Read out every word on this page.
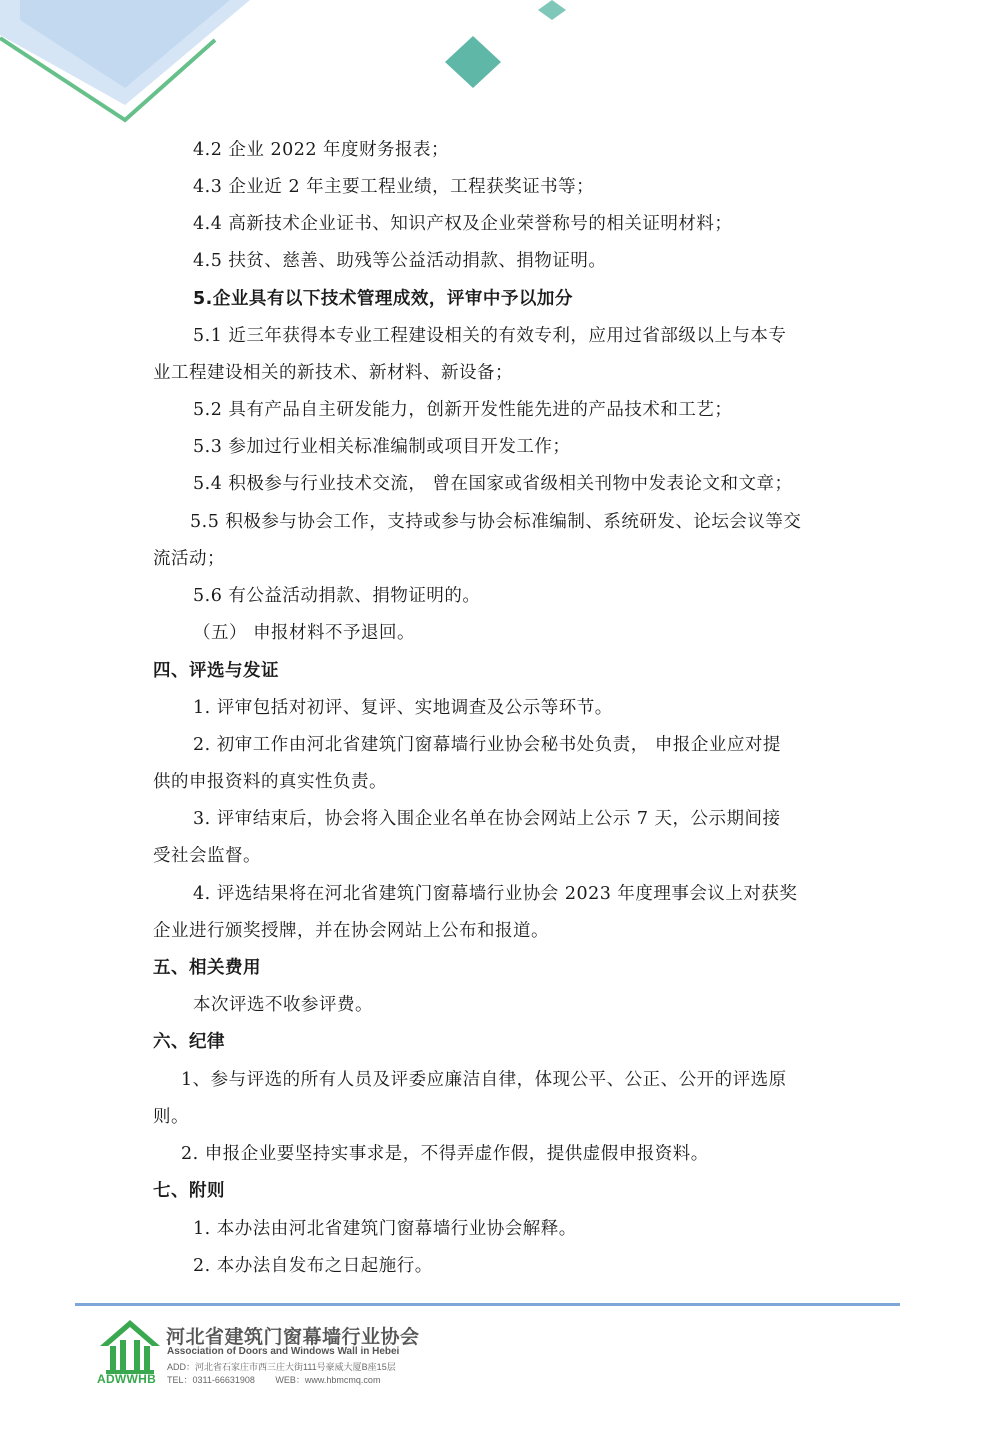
4.2 企业 2022 年度财务报表；
4.3 企业近 2 年主要工程业绩，工程获奖证书等；
4.4 高新技术企业证书、知识产权及企业荣誉称号的相关证明材料；
4.5 扶贫、慈善、助残等公益活动捐款、捐物证明。
5.企业具有以下技术管理成效，评审中予以加分
5.1 近三年获得本专业工程建设相关的有效专利，应用过省部级以上与本专
业工程建设相关的新技术、新材料、新设备；
5.2 具有产品自主研发能力，创新开发性能先进的产品技术和工艺；
5.3 参加过行业相关标准编制或项目开发工作；
5.4 积极参与行业技术交流， 曾在国家或省级相关刊物中发表论文和文章；
5.5 积极参与协会工作，支持或参与协会标准编制、系统研发、论坛会议等交
流活动；
5.6 有公益活动捐款、捐物证明的。
（五） 申报材料不予退回。
四、评选与发证
1. 评审包括对初评、复评、实地调查及公示等环节。
2. 初审工作由河北省建筑门窗幕墙行业协会秘书处负责， 申报企业应对提
供的申报资料的真实性负责。
3. 评审结束后，协会将入围企业名单在协会网站上公示 7 天，公示期间接
受社会监督。
4. 评选结果将在河北省建筑门窗幕墙行业协会 2023 年度理事会议上对获奖
企业进行颁奖授牌，并在协会网站上公布和报道。
五、相关费用
本次评选不收参评费。
六、纪律
1、参与评选的所有人员及评委应廉洁自律，体现公平、公正、公开的评选原
则。
2. 申报企业要坚持实事求是，不得弄虚作假，提供虚假申报资料。
七、附则
1. 本办法由河北省建筑门窗幕墙行业协会解释。
2. 本办法自发布之日起施行。
ADWWHB
河北省建筑门窗幕墙行业协会
Association of Doors and Windows Wall in Hebei
ADD：河北省石家庄市西三庄大街111号豪威大厦B座15层
TEL：0311-66631908 WEB：www.hbmcmq.com
